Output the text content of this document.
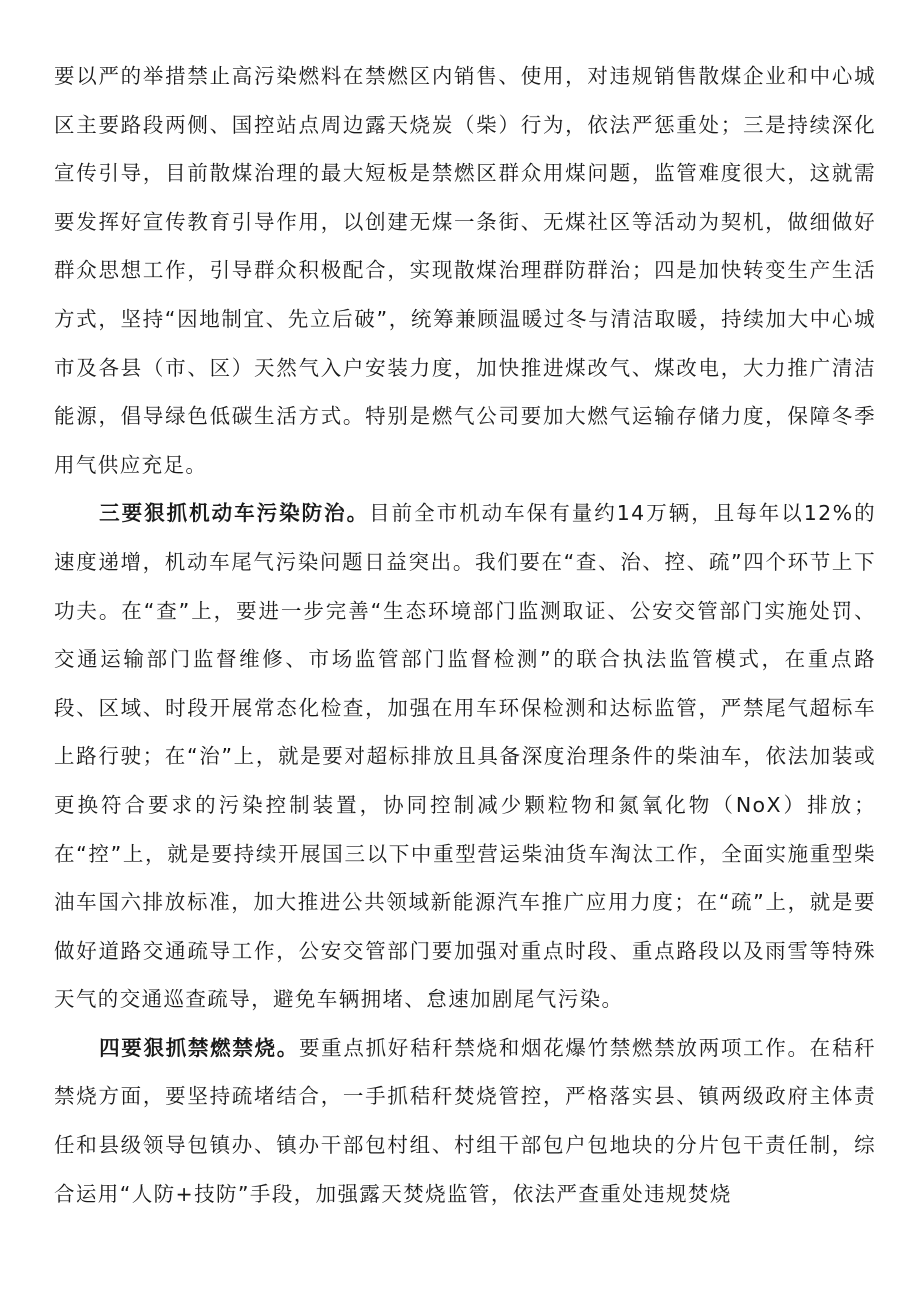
要以严的举措禁止高污染燃料在禁燃区内销售、使用，对违规销售散煤企业和中心城区主要路段两侧、国控站点周边露天烧炭（柴）行为，依法严惩重处；三是持续深化宣传引导，目前散煤治理的最大短板是禁燃区群众用煤问题，监管难度很大，这就需要发挥好宣传教育引导作用，以创建无煤一条街、无煤社区等活动为契机，做细做好群众思想工作，引导群众积极配合，实现散煤治理群防群治；四是加快转变生产生活方式，坚持“因地制宜、先立后破”，统筹兼顾温暖过冬与清洁取暖，持续加大中心城市及各县（市、区）天然气入户安装力度，加快推进煤改气、煤改电，大力推广清洁能源，倡导绿色低碳生活方式。特别是燃气公司要加大燃气运输存储力度，保障冬季用气供应充足。

三要狠抓机动车污染防治。目前全市机动车保有量约14万辆，且每年以12%的速度递增，机动车尾气污染问题日益突出。我们要在“查、治、控、疏”四个环节上下功夫。在“查”上，要进一步完善“生态环境部门监测取证、公安交管部门实施处罚、交通运输部门监督维修、市场监管部门监督检测”的联合执法监管模式，在重点路段、区域、时段开展常态化检查，加强在用车环保检测和达标监管，严禁尾气超标车上路行驶；在“治”上，就是要对超标排放且具备深度治理条件的柴油车，依法加装或更换符合要求的污染控制装置，协同控制减少颗粒物和氮氧化物（NoX）排放；在“控”上，就是要持续开展国三以下中重型营运柴油货车淘汰工作，全面实施重型柴油车国六排放标准，加大推进公共领域新能源汽车推广应用力度；在“疏”上，就是要做好道路交通疏导工作，公安交管部门要加强对重点时段、重点路段以及雨雪等特殊天气的交通巡查疏导，避免车辆拥堵、怠速加剧尾气污染。

四要狠抓禁燃禁烧。要重点抓好秸秆禁烧和烟花爆竹禁燃禁放两项工作。在秸秆禁烧方面，要坚持疏堵结合，一手抓秸秆焚烧管控，严格落实县、镇两级政府主体责任和县级领导包镇办、镇办干部包村组、村组干部包户包地块的分片包干责任制，综合运用“人防+技防”手段，加强露天焚烧监管，依法严查重处违规焚烧
